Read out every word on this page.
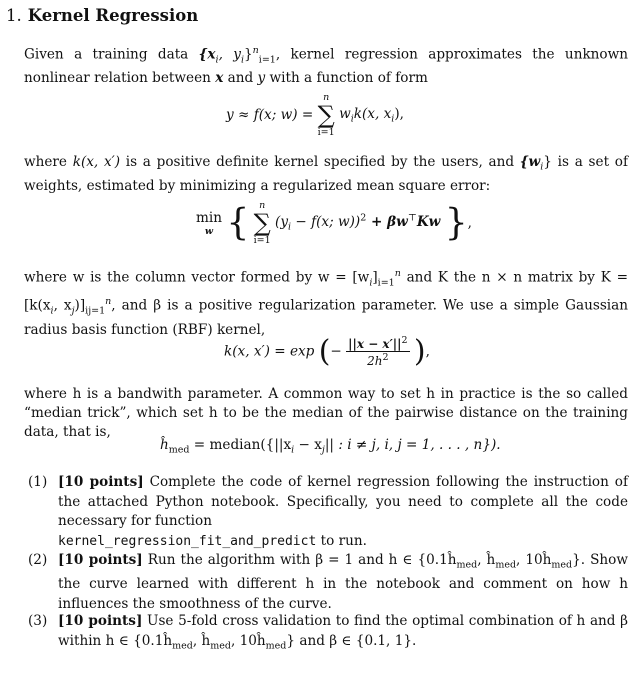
1. Kernel Regression
Given a training data {$x_i$, $y_i\}^n_{i=1}$, kernel regression approximates the unknown nonlinear relation between x and y with a function of form
y ≈ f(x; w) =
n
∑
i=1
$w_ik(x$, $x_i$),
where k(x, x′) is a positive definite kernel specified by the users, and $\{w_i\}$ is a set of weights, estimated by minimizing a regularized mean square error:
min
w {	n
∑
i=1
($y_i - f(x$; w))$^2$ + βw⊤Kw },
where w is the column vector formed by $w = [w_i]_{i=1}^n$ and K the n × n matrix by $K = [k(x_i$, $x_j)]_{ij=1}^n$, and β is a positive regularization parameter. We use a simple Gaussian radius basis function (RBF) kernel,
k(x, x′) = exp (− $\frac{||x - x'||^2}{2h^2}$ ),
where h is a bandwith parameter. A common way to set h in practice is the so called “median trick”, which set h to be the median of the pairwise distance on the training data, that is,
$ĥ_{med}$ = $median(\{||x_i - x_j||$ : i ≠ j, i, j = 1, . . . , n}).
(1) [10 points] Complete the code of kernel regression following the instruction of the attached Python notebook. Specifically, you need to complete all the code necessary for function
kernel_regression_fit_and_predict to run.
(2) [10 points] Run the algorithm with β = 1 and h ∈ {$0.1ĥ_{med}$, $ĥ_{med}$, $10ĥ_{med}$}. Show the curve learned with different h in the notebook and comment on how h influences the smoothness of the curve.
(3) [10 points] Use 5-fold cross validation to find the optimal combination of h and β within h ∈ {$0.1ĥ_{med}$, $ĥ_{med}$, $10ĥ_{med}$} and β ∈ {0.1, 1}.
